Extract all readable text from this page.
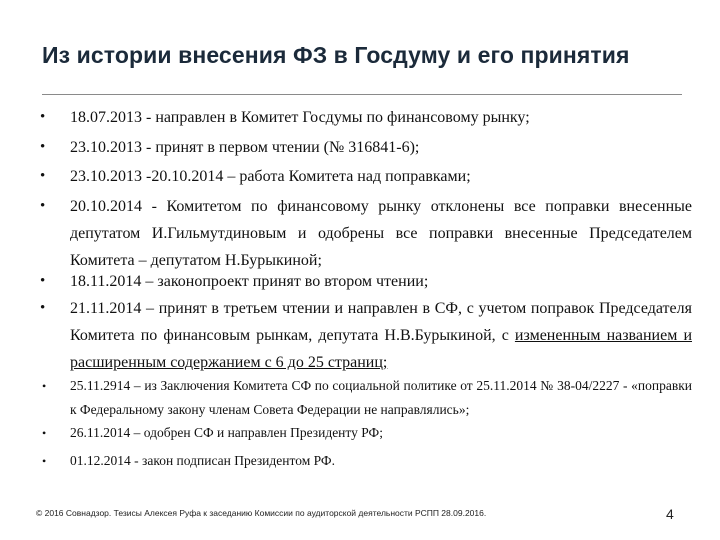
Из истории внесения ФЗ в Госдуму и его принятия
• 18.07.2013 - направлен в Комитет Госдумы по финансовому рынку;
• 23.10.2013 - принят в первом чтении (№ 316841-6);
• 23.10.2013 -20.10.2014 – работа Комитета над поправками;
• 20.10.2014 - Комитетом по финансовому рынку отклонены все поправки внесенные депутатом И.Гильмутдиновым и одобрены все поправки внесенные Председателем Комитета – депутатом Н.Бурыкиной;
• 18.11.2014 – законопроект принят во втором чтении;
• 21.11.2014 – принят в третьем чтении и направлен в СФ, с учетом поправок Председателя Комитета по финансовым рынкам, депутата Н.В.Бурыкиной, с измененным названием и расширенным содержанием с 6 до 25 страниц;
• 25.11.2914 – из Заключения Комитета СФ по социальной политике от 25.11.2014 № 38-04/2227 - «поправки к Федеральному закону членам Совета Федерации не направлялись»;
• 26.11.2014 – одобрен СФ и направлен Президенту РФ;
• 01.12.2014 - закон подписан Президентом РФ.
© 2016 Совнадзор. Тезисы Алексея Руфа к заседанию Комиссии по аудиторской деятельности РСПП 28.09.2016.	4
